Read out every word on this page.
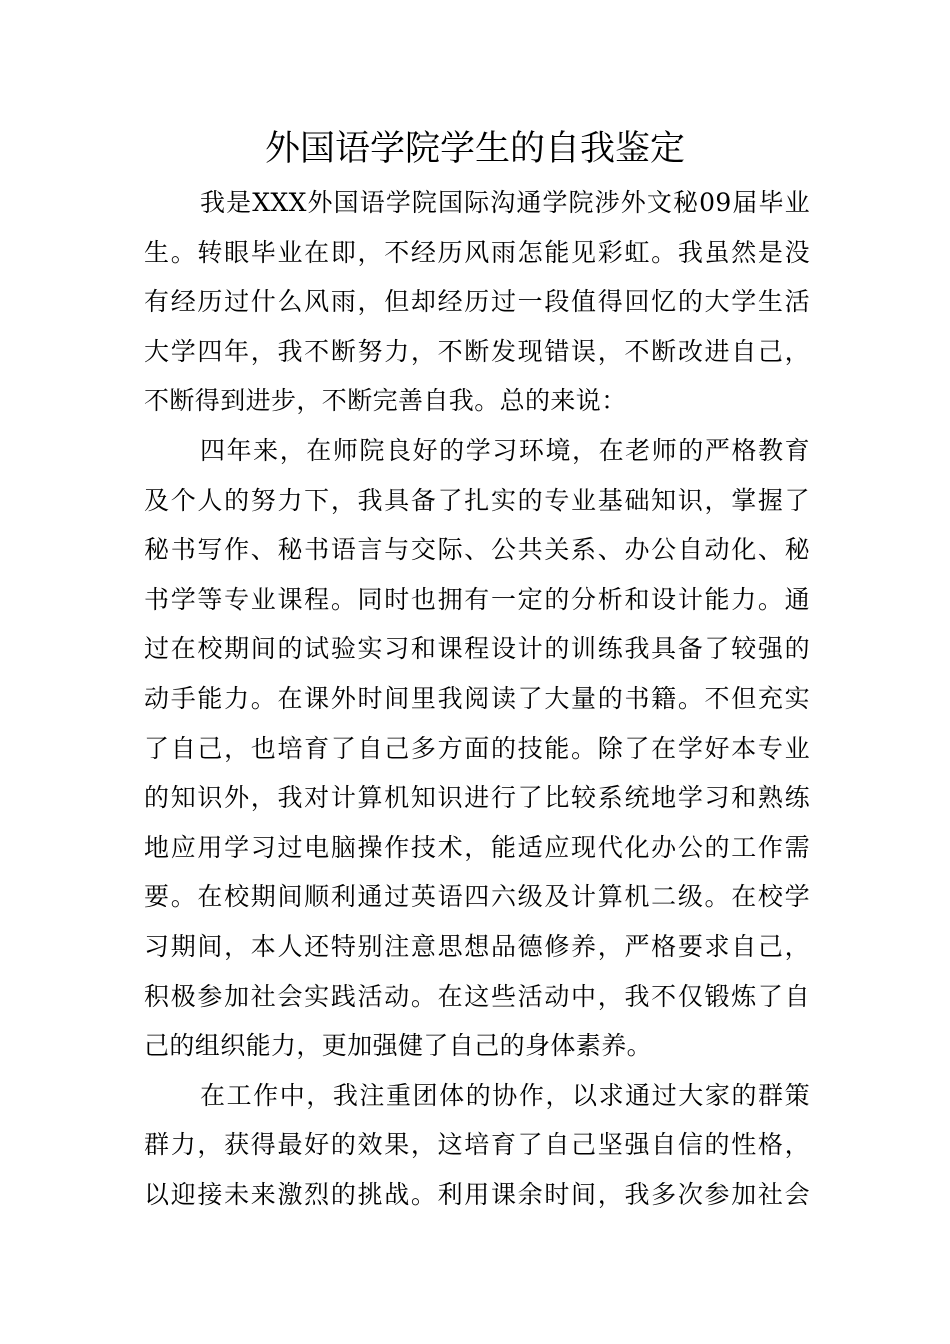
外国语学院学生的自我鉴定
我是XXX外国语学院国际沟通学院涉外文秘09届毕业
生。转眼毕业在即，不经历风雨怎能见彩虹。我虽然是没
有经历过什么风雨，但却经历过一段值得回忆的大学生活
大学四年，我不断努力，不断发现错误，不断改进自己，
不断得到进步，不断完善自我。总的来说：
四年来，在师院良好的学习环境，在老师的严格教育
及个人的努力下，我具备了扎实的专业基础知识，掌握了
秘书写作、秘书语言与交际、公共关系、办公自动化、秘
书学等专业课程。同时也拥有一定的分析和设计能力。通
过在校期间的试验实习和课程设计的训练我具备了较强的
动手能力。在课外时间里我阅读了大量的书籍。不但充实
了自己，也培育了自己多方面的技能。除了在学好本专业
的知识外，我对计算机知识进行了比较系统地学习和熟练
地应用学习过电脑操作技术，能适应现代化办公的工作需
要。在校期间顺利通过英语四六级及计算机二级。在校学
习期间，本人还特别注意思想品德修养，严格要求自己，
积极参加社会实践活动。在这些活动中，我不仅锻炼了自
己的组织能力，更加强健了自己的身体素养。
在工作中，我注重团体的协作，以求通过大家的群策
群力，获得最好的效果，这培育了自己坚强自信的性格，
以迎接未来激烈的挑战。利用课余时间，我多次参加社会
